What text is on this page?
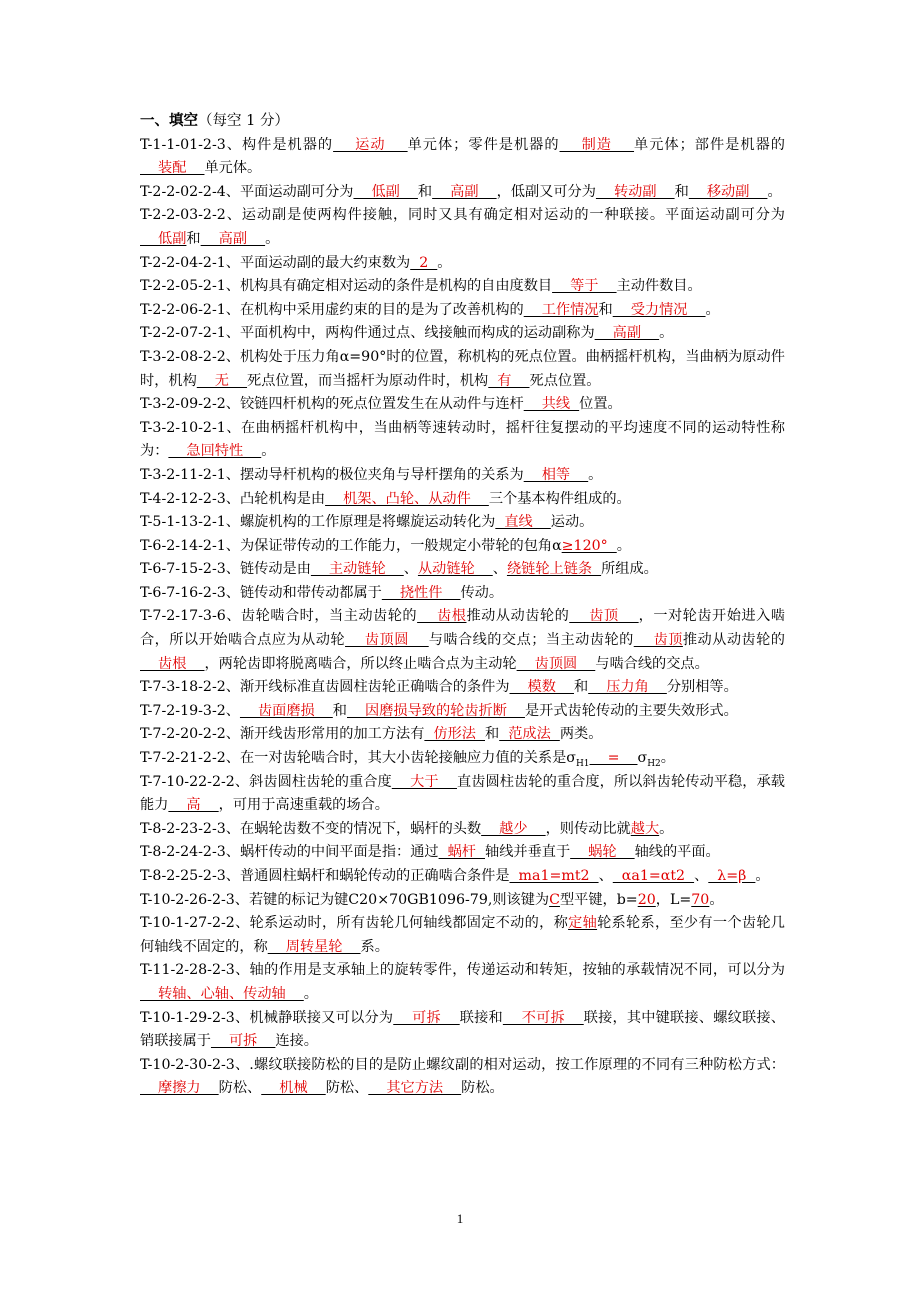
一、填空（每空 1 分）

T-1-1-01-2-3、构件是机器的    运动    单元体；零件是机器的    制造    单元体；部件是机器的    装配    单元体。

T-2-2-02-2-4、平面运动副可分为    低副    和    高副    ，低副又可分为    转动副    和    移动副    。

T-2-2-03-2-2、运动副是使两构件接触，同时又具有确定相对运动的一种联接。平面运动副可分为    低副和    高副    。

T-2-2-04-2-1、平面运动副的最大约束数为  2  。

T-2-2-05-2-1、机构具有确定相对运动的条件是机构的自由度数目    等于    主动件数目。

T-2-2-06-2-1、在机构中采用虚约束的目的是为了改善机构的    工作情况和    受力情况    。

T-2-2-07-2-1、平面机构中，两构件通过点、线接触而构成的运动副称为    高副    。

T-3-2-08-2-2、机构处于压力角α=90°时的位置，称机构的死点位置。曲柄摇杆机构，当曲柄为原动件时，机构    无    死点位置，而当摇杆为原动件时，机构  有    死点位置。

T-3-2-09-2-2、铰链四杆机构的死点位置发生在从动件与连杆    共线  位置。

T-3-2-10-2-1、在曲柄摇杆机构中，当曲柄等速转动时，摇杆往复摆动的平均速度不同的运动特性称为：    急回特性    。

T-3-2-11-2-1、摆动导杆机构的极位夹角与导杆摆角的关系为    相等    。

T-4-2-12-2-3、凸轮机构是由    机架、凸轮、从动件    三个基本构件组成的。

T-5-1-13-2-1、螺旋机构的工作原理是将螺旋运动转化为  直线    运动。

T-6-2-14-2-1、为保证带传动的工作能力，一般规定小带轮的包角α≥120°  。

T-6-7-15-2-3、链传动是由    主动链轮    、从动链轮    、绕链轮上链条  所组成。

T-6-7-16-2-3、链传动和带传动都属于    挠性件    传动。

T-7-2-17-3-6、齿轮啮合时，当主动齿轮的    齿根推动从动齿轮的    齿顶    ，一对轮齿开始进入啮合，所以开始啮合点应为从动轮    齿顶圆    与啮合线的交点；当主动齿轮的    齿顶推动从动齿轮的    齿根    ，两轮齿即将脱离啮合，所以终止啮合点为主动轮    齿顶圆    与啮合线的交点。

T-7-3-18-2-2、渐开线标准直齿圆柱齿轮正确啮合的条件为    模数    和    压力角    分别相等。

T-7-2-19-3-2、    齿面磨损    和    因磨损导致的轮齿折断    是开式齿轮传动的主要失效形式。

T-7-2-20-2-2、渐开线齿形常用的加工方法有  仿形法  和  范成法  两类。

T-7-2-21-2-2、在一对齿轮啮合时，其大小齿轮接触应力值的关系是$\sigma_{H1}$    =    $\sigma_{H2}$。

T-7-10-22-2-2、斜齿圆柱齿轮的重合度    大于    直齿圆柱齿轮的重合度，所以斜齿轮传动平稳，承载能力    高    ，可用于高速重载的场合。

T-8-2-23-2-3、在蜗轮齿数不变的情况下，蜗杆的头数    越少    ，则传动比就越大。

T-8-2-24-2-3、蜗杆传动的中间平面是指：通过  蜗杆  轴线并垂直于    蜗轮    轴线的平面。

T-8-2-25-2-3、普通圆柱蜗杆和蜗轮传动的正确啮合条件是  ma1=mt2  、  αa1=αt2  、  λ=β  。

T-10-2-26-2-3、若键的标记为键C20×70GB1096-79,则该键为C型平键，b=20，L=70。

T-10-1-27-2-2、轮系运动时，所有齿轮几何轴线都固定不动的，称定轴轮系轮系，至少有一个齿轮几何轴线不固定的，称    周转星轮    系。

T-11-2-28-2-3、轴的作用是支承轴上的旋转零件，传递运动和转矩，按轴的承载情况不同，可以分为    转轴、心轴、传动轴    。

T-10-1-29-2-3、机械静联接又可以分为    可拆    联接和    不可拆    联接，其中键联接、螺纹联接、销联接属于    可拆    连接。

T-10-2-30-2-3、.螺纹联接防松的目的是防止螺纹副的相对运动，按工作原理的不同有三种防松方式：    摩擦力    防松、    机械    防松、    其它方法    防松。

1
